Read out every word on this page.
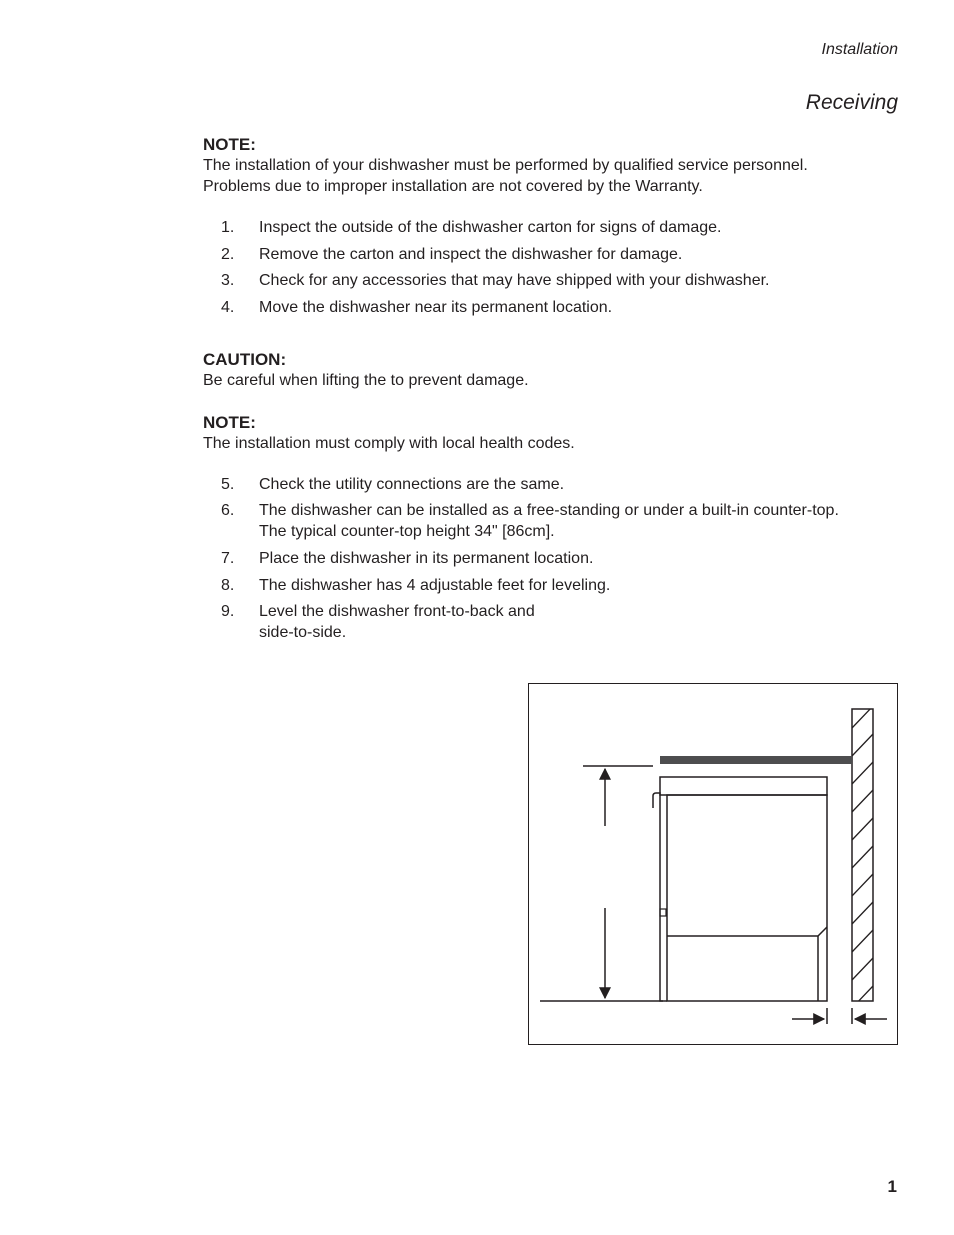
Installation
Receiving
NOTE:
The installation of your dishwasher must be performed by qualified service personnel.
Problems due to improper installation are not covered by the Warranty.
1. Inspect the outside of the dishwasher carton for signs of damage.
2. Remove the carton and inspect the dishwasher for damage.
3. Check for any accessories that may have shipped with your dishwasher.
4. Move the dishwasher near its permanent location.
CAUTION:
Be careful when lifting the to prevent damage.
NOTE:
The installation must comply with local health codes.
5. Check the utility connections are the same.
6. The dishwasher can be installed as a free-standing or under a built-in counter-top.
The typical counter-top height 34" [86cm].
7. Place the dishwasher in its permanent location.
8. The dishwasher has 4 adjustable feet for leveling.
9. Level the dishwasher front-to-back and
side-to-side.
1
